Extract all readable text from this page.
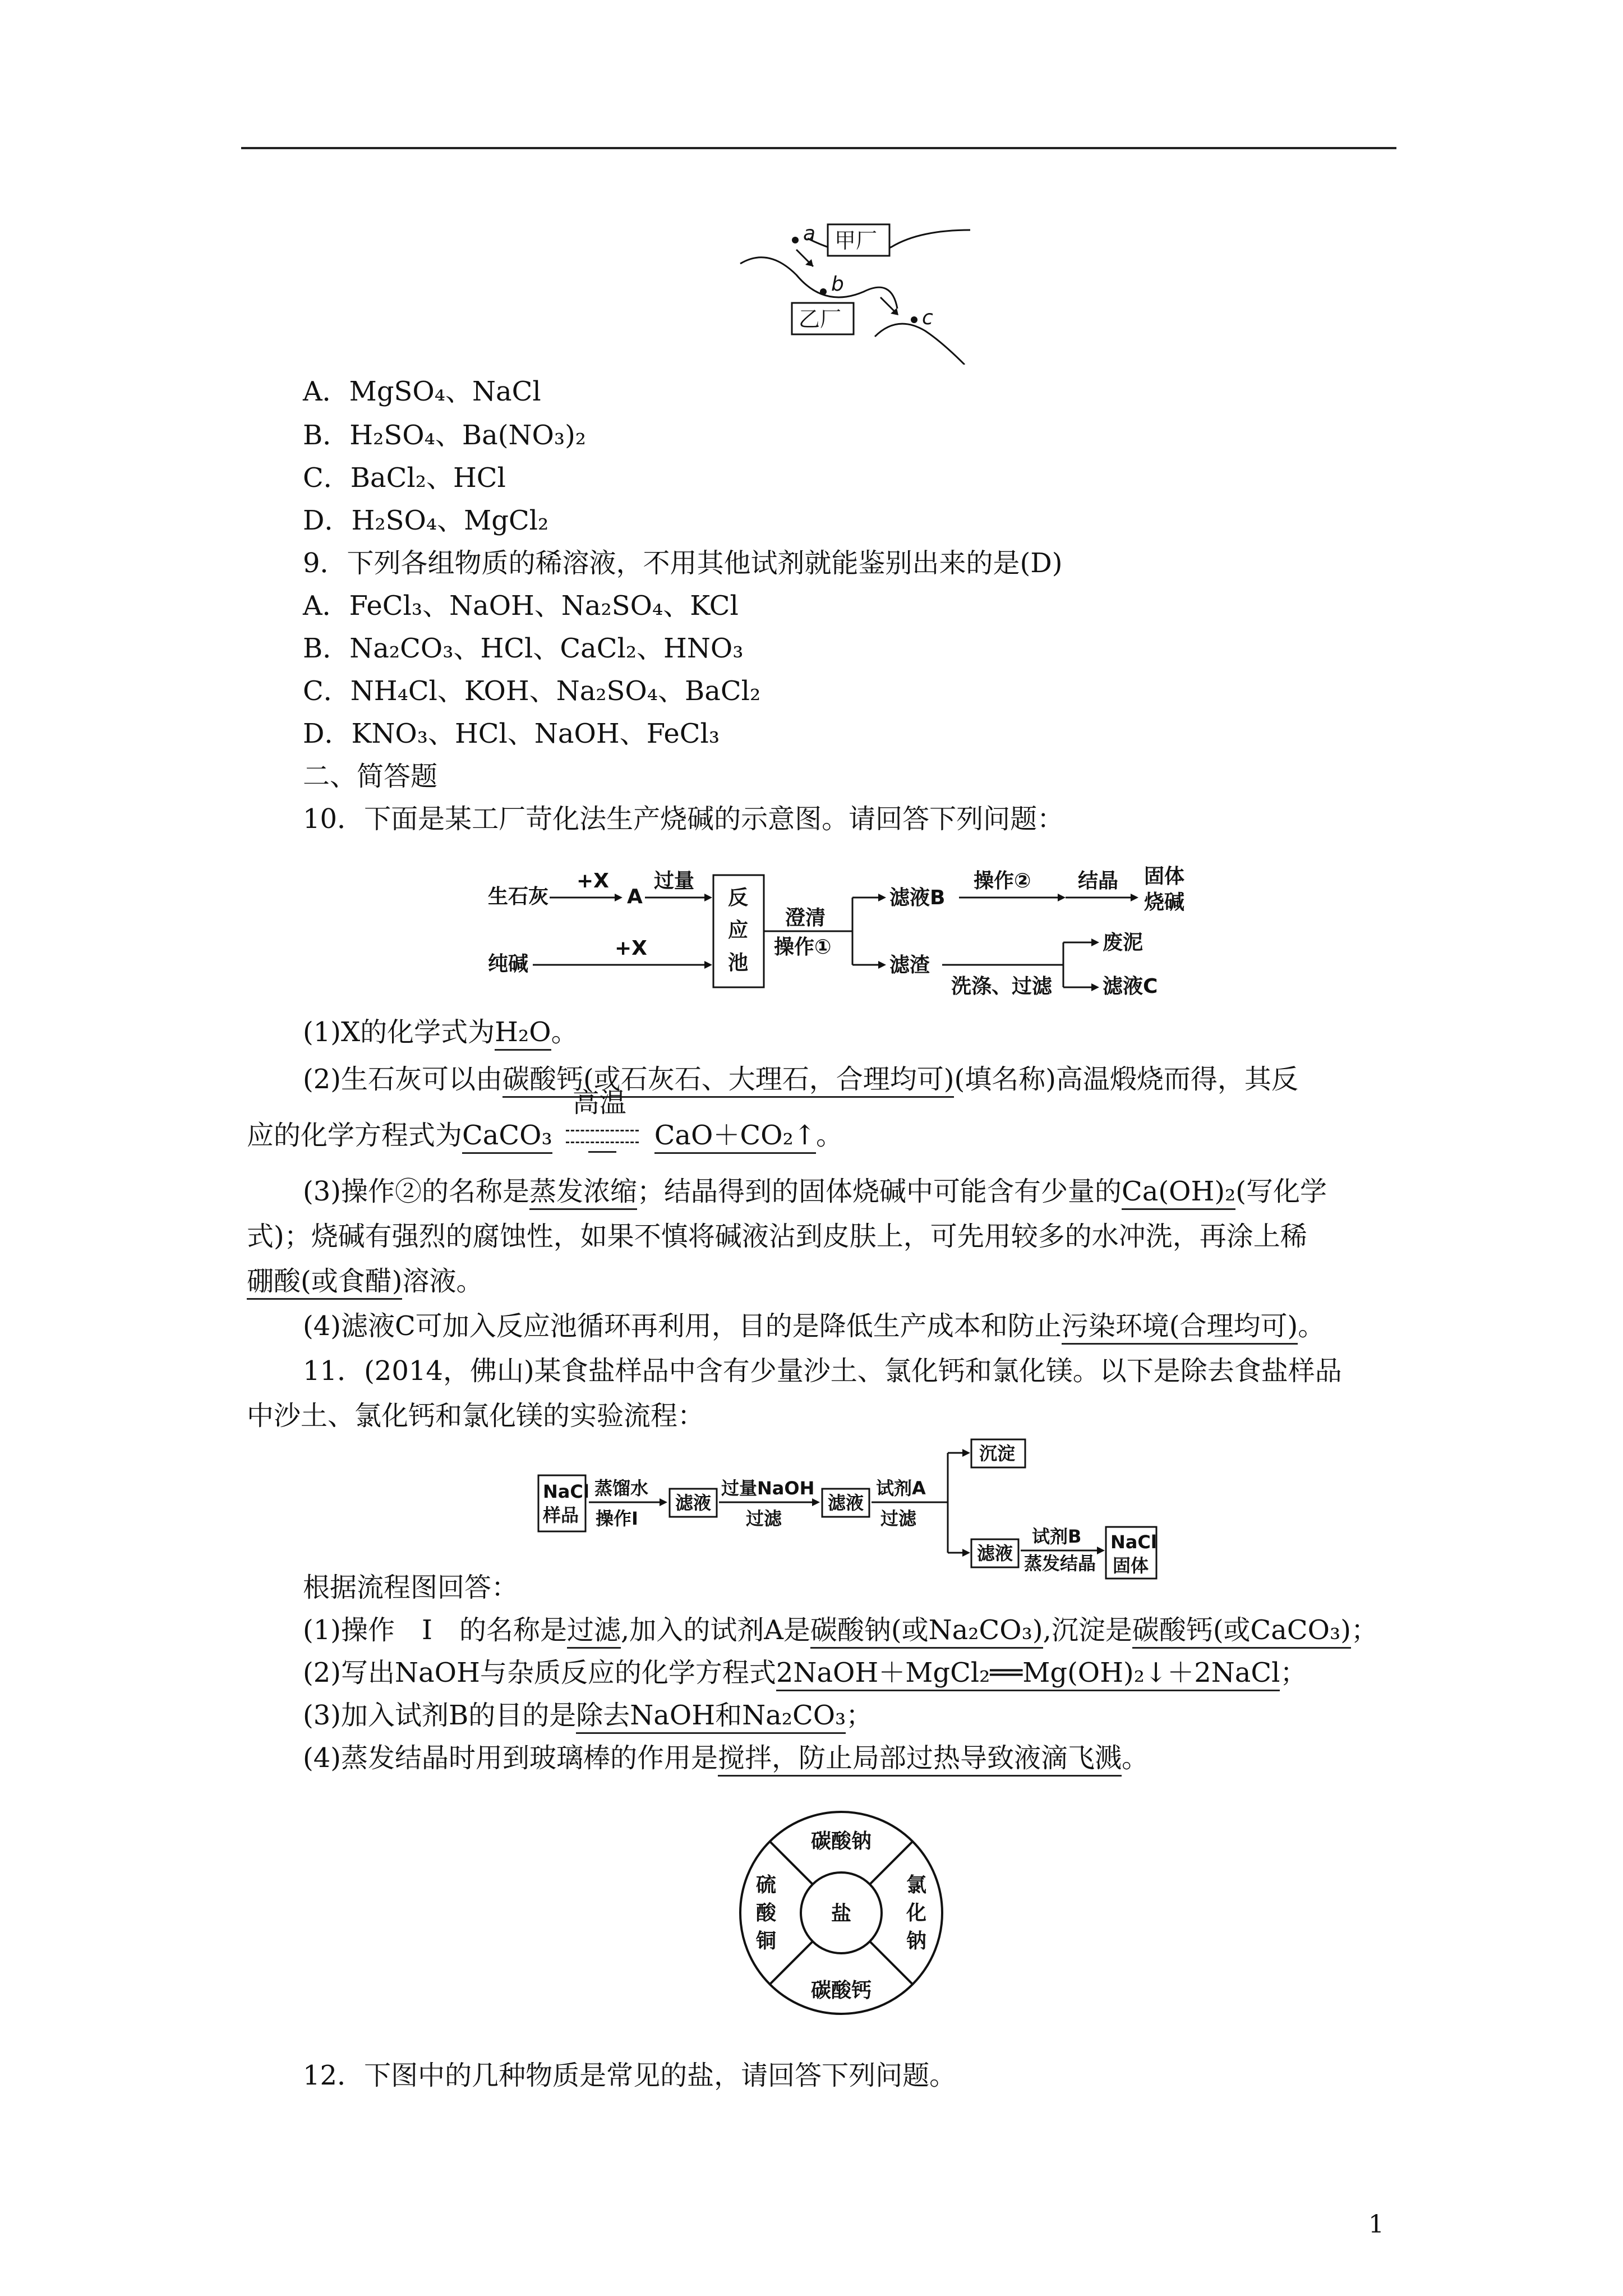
a 甲厂
b
乙厂	c
A．MgSO₄、NaCl
B．H₂SO₄、Ba(NO₃)₂
C．BaCl₂、HCl
D．H₂SO₄、MgCl₂
9．下列各组物质的稀溶液，不用其他试剂就能鉴别出来的是(D)
A．FeCl₃、NaOH、Na₂SO₄、KCl
B．Na₂CO₃、HCl、CaCl₂、HNO₃
C．NH₄Cl、KOH、Na₂SO₄、BaCl₂
D．KNO₃、HCl、NaOH、FeCl₃
二、简答题
10．下面是某工厂苛化法生产烧碱的示意图。请回答下列问题：
生石灰
+X
A
过量
反
应
池
纯碱
+X
澄清
操作①
滤液B
操作② 结晶 固体
烧碱
滤渣
洗涤、过滤
废泥
滤液C
(1)X的化学式为H₂O。
(2)生石灰可以由碳酸钙(或石灰石、大理石，合理均可)(填名称)高温煅烧而得，其反
应的化学方程式为CaCO₃
高温
CaO＋CO₂↑。
(3)操作②的名称是蒸发浓缩；结晶得到的固体烧碱中可能含有少量的Ca(OH)₂(写化学
式)；烧碱有强烈的腐蚀性，如果不慎将碱液沾到皮肤上，可先用较多的水冲洗，再涂上稀
硼酸(或食醋)溶液。
(4)滤液C可加入反应池循环再利用，目的是降低生产成本和防止污染环境(合理均可)。
11．(2014，佛山)某食盐样品中含有少量沙土、氯化钙和氯化镁。以下是除去食盐样品
中沙土、氯化钙和氯化镁的实验流程：
NaCl
样品
蒸馏水
操作Ⅰ
滤液
过量NaOH
过滤
滤液
试剂A
过滤
沉淀
滤液
试剂B
蒸发结晶
NaCl
固体
根据流程图回答：
(1)操作　Ⅰ　的名称是过滤,加入的试剂A是碳酸钠(或Na₂CO₃),沉淀是碳酸钙(或CaCO₃)；
(2)写出NaOH与杂质反应的化学方程式2NaOH＋MgCl₂══Mg(OH)₂↓＋2NaCl；
(3)加入试剂B的目的是除去NaOH和Na₂CO₃；
(4)蒸发结晶时用到玻璃棒的作用是搅拌，防止局部过热导致液滴飞溅。
盐
碳酸钠
碳酸钙
硫
酸
铜
氯
化
钠
12．下图中的几种物质是常见的盐，请回答下列问题。
1
